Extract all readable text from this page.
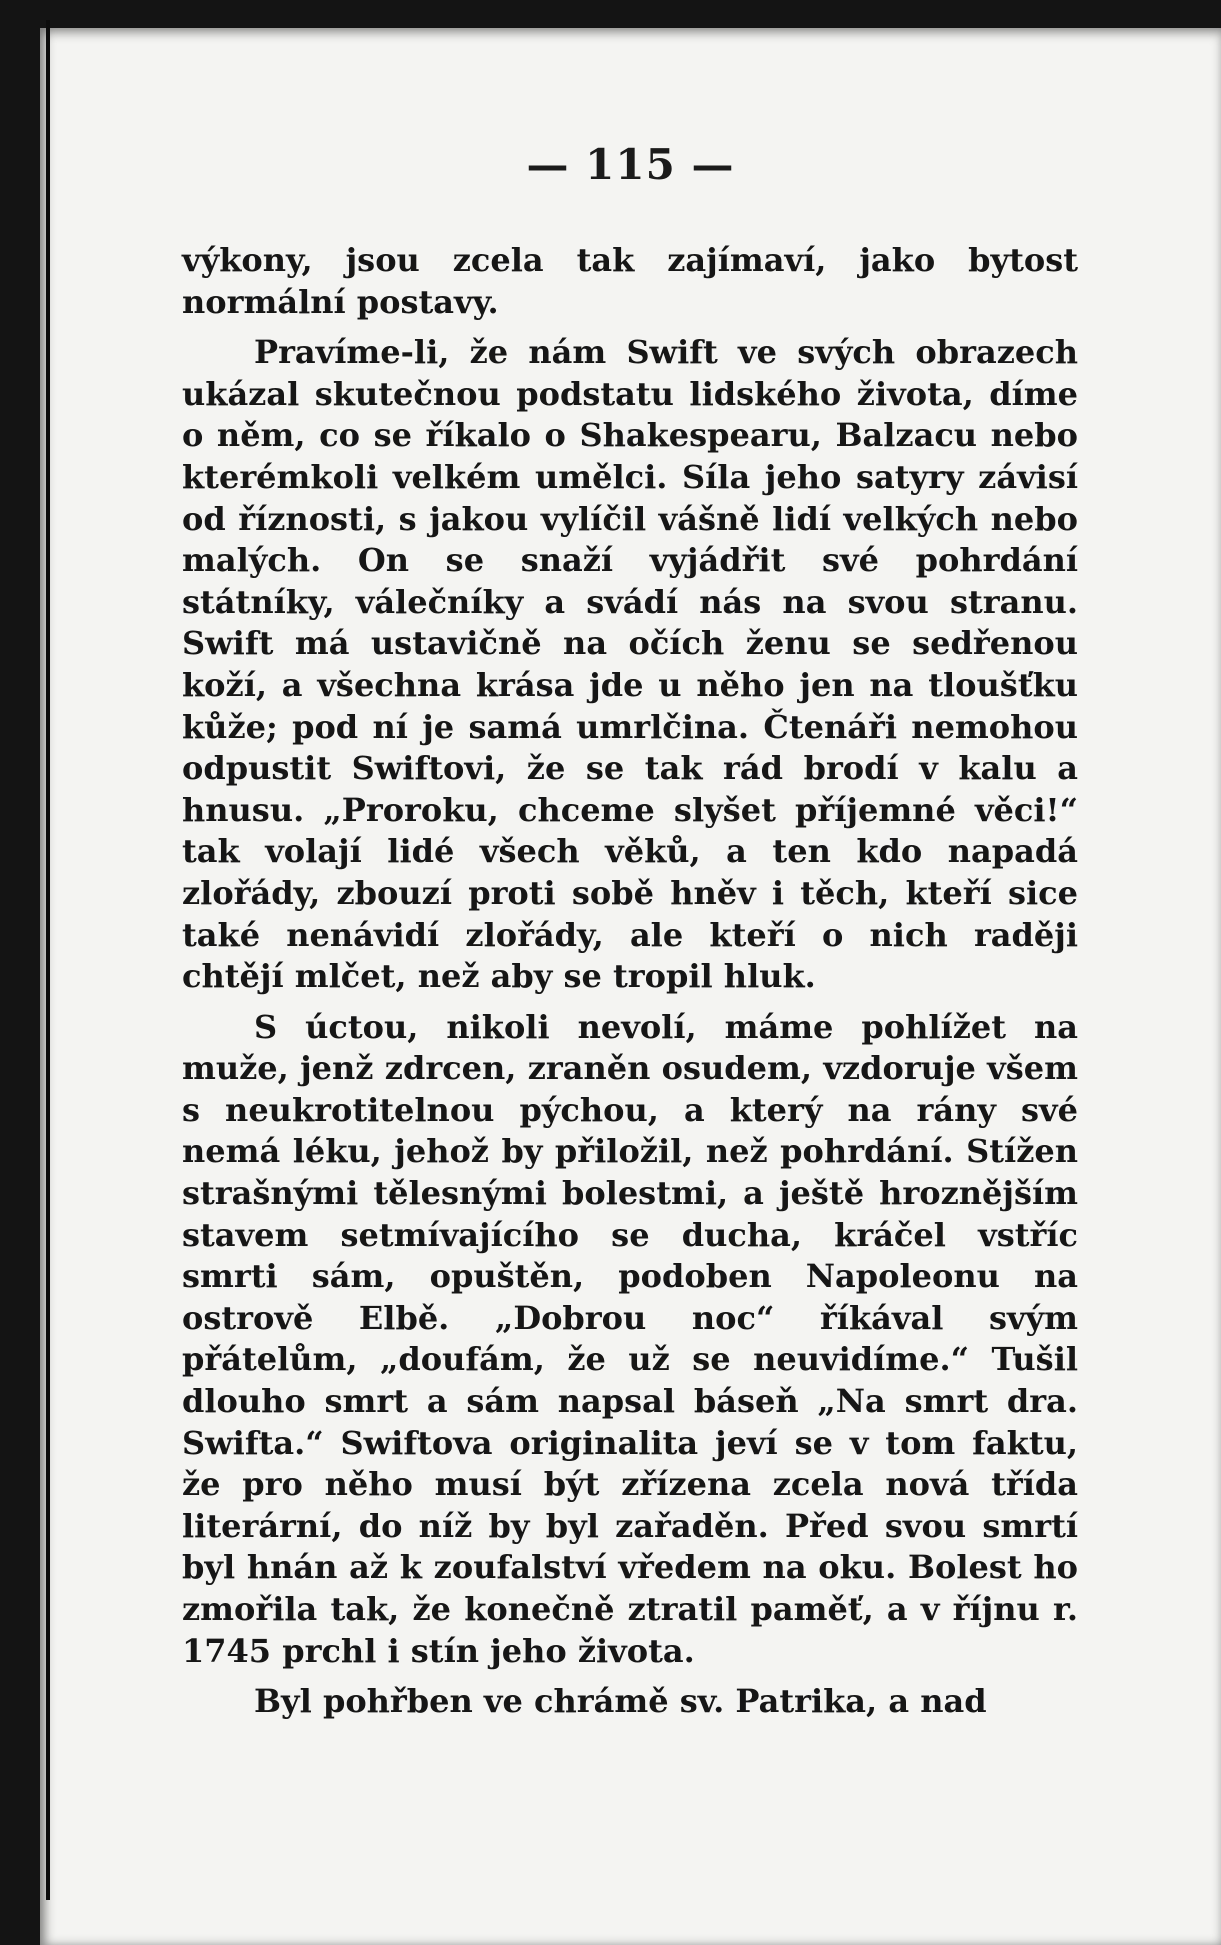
— 115 —

výkony, jsou zcela tak zajímaví, jako bytost normální postavy.

Pravíme-li, že nám Swift ve svých obrazech ukázal skutečnou podstatu lidského života, díme o něm, co se říkalo o Shakespearu, Balzacu nebo kterémkoli velkém umělci. Síla jeho satyry závisí od říznosti, s jakou vylíčil vášně lidí velkých nebo malých. On se snaží vyjádřit své pohrdání státníky, válečníky a svádí nás na svou stranu. Swift má ustavičně na očích ženu se sedřenou koží, a všechna krása jde u něho jen na tloušťku kůže; pod ní je samá umrlčina. Čtenáři nemohou odpustit Swiftovi, že se tak rád brodí v kalu a hnusu. „Proroku, chceme slyšet příjemné věci!“ tak volají lidé všech věků, a ten kdo napadá zlořády, zbouzí proti sobě hněv i těch, kteří sice také nenávidí zlořády, ale kteří o nich raději chtějí mlčet, než aby se tropil hluk.

S úctou, nikoli nevolí, máme pohlížet na muže, jenž zdrcen, zraněn osudem, vzdoruje všem s neukrotitelnou pýchou, a který na rány své nemá léku, jehož by přiložil, než pohrdání. Stížen strašnými tělesnými bolestmi, a ještě hroznějším stavem setmívajícího se ducha, kráčel vstříc smrti sám, opuštěn, podoben Napoleonu na ostrově Elbě. „Dobrou noc“ říkával svým přátelům, „doufám, že už se neuvidíme.“ Tušil dlouho smrt a sám napsal báseň „Na smrt dra. Swifta.“ Swiftova originalita jeví se v tom faktu, že pro něho musí být zřízena zcela nová třída literární, do níž by byl zařaděn. Před svou smrtí byl hnán až k zoufalství vředem na oku. Bolest ho zmořila tak, že konečně ztratil paměť, a v říjnu r. 1745 prchl i stín jeho života.

Byl pohřben ve chrámě sv. Patrika, a nad
